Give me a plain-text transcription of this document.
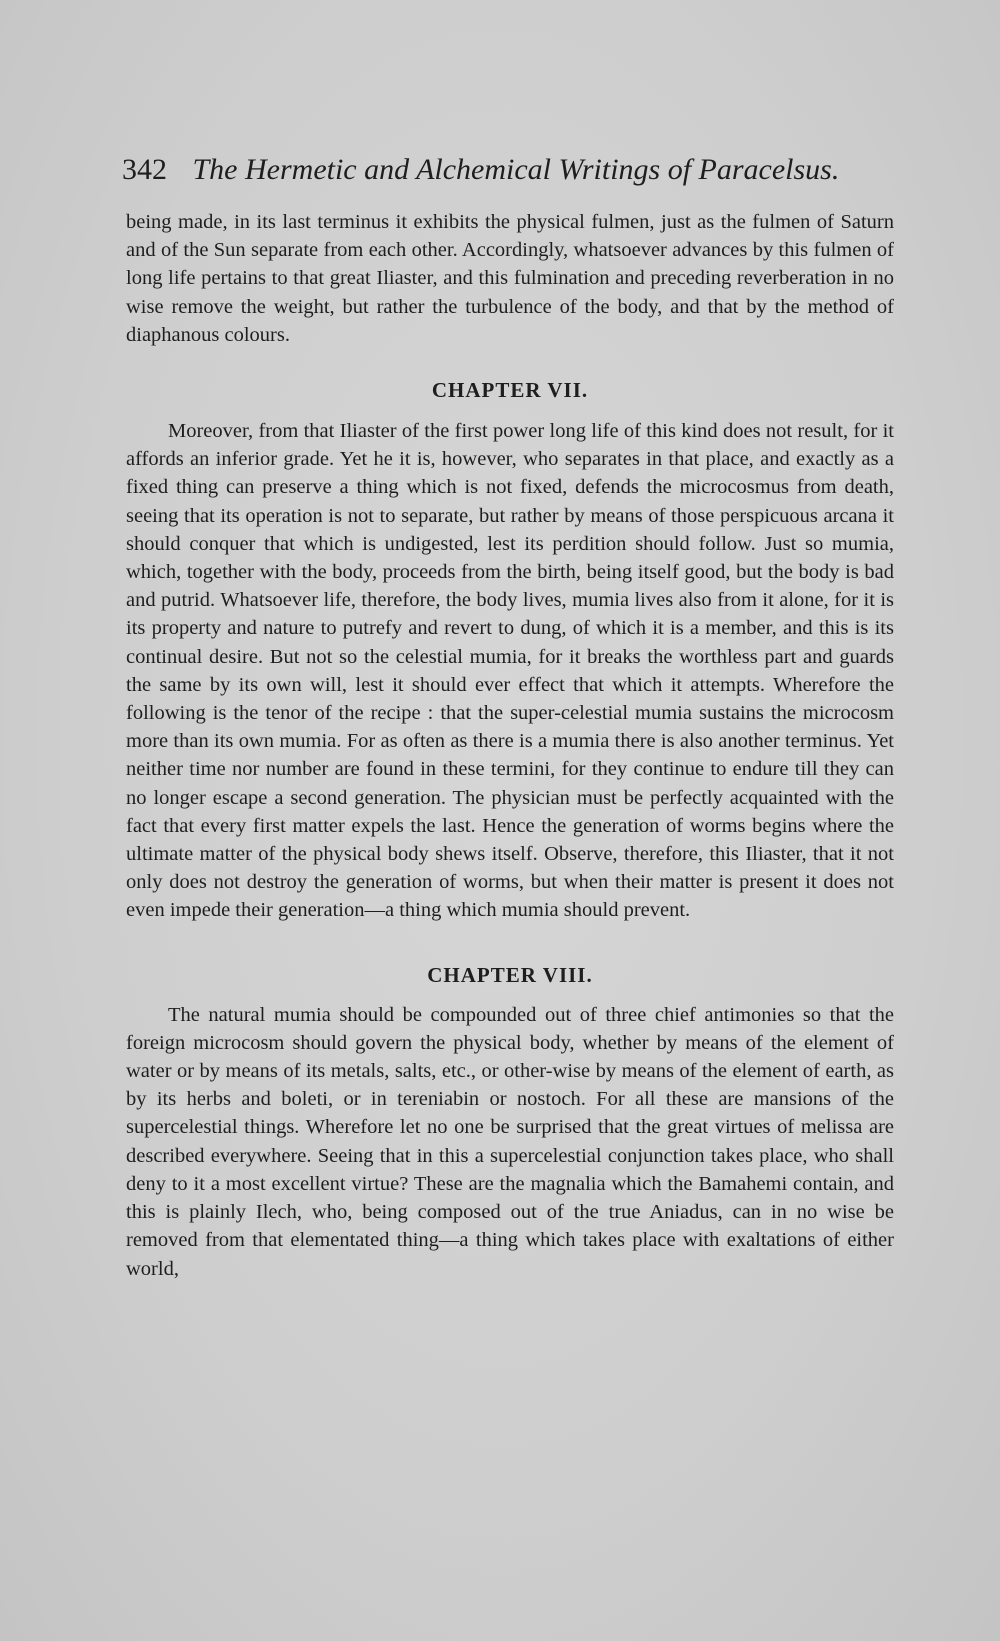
342 The Hermetic and Alchemical Writings of Paracelsus.

being made, in its last terminus it exhibits the physical fulmen, just as the fulmen of Saturn and of the Sun separate from each other. Accordingly, whatsoever advances by this fulmen of long life pertains to that great Iliaster, and this fulmination and preceding reverberation in no wise remove the weight, but rather the turbulence of the body, and that by the method of diaphanous colours.

CHAPTER VII.

Moreover, from that Iliaster of the first power long life of this kind does not result, for it affords an inferior grade. Yet he it is, however, who separates in that place, and exactly as a fixed thing can preserve a thing which is not fixed, defends the microcosmus from death, seeing that its operation is not to separate, but rather by means of those perspicuous arcana it should conquer that which is undigested, lest its perdition should follow. Just so mumia, which, together with the body, proceeds from the birth, being itself good, but the body is bad and putrid. Whatsoever life, therefore, the body lives, mumia lives also from it alone, for it is its property and nature to putrefy and revert to dung, of which it is a member, and this is its continual desire. But not so the celestial mumia, for it breaks the worthless part and guards the same by its own will, lest it should ever effect that which it attempts. Wherefore the following is the tenor of the recipe : that the super-celestial mumia sustains the microcosm more than its own mumia. For as often as there is a mumia there is also another terminus. Yet neither time nor number are found in these termini, for they continue to endure till they can no longer escape a second generation. The physician must be perfectly acquainted with the fact that every first matter expels the last. Hence the generation of worms begins where the ultimate matter of the physical body shews itself. Observe, therefore, this Iliaster, that it not only does not destroy the generation of worms, but when their matter is present it does not even impede their generation—a thing which mumia should prevent.

CHAPTER VIII.

The natural mumia should be compounded out of three chief antimonies so that the foreign microcosm should govern the physical body, whether by means of the element of water or by means of its metals, salts, etc., or other-wise by means of the element of earth, as by its herbs and boleti, or in tereniabin or nostoch. For all these are mansions of the supercelestial things. Wherefore let no one be surprised that the great virtues of melissa are described everywhere. Seeing that in this a supercelestial conjunction takes place, who shall deny to it a most excellent virtue? These are the magnalia which the Bamahemi contain, and this is plainly Ilech, who, being composed out of the true Aniadus, can in no wise be removed from that elementated thing—a thing which takes place with exaltations of either world,
